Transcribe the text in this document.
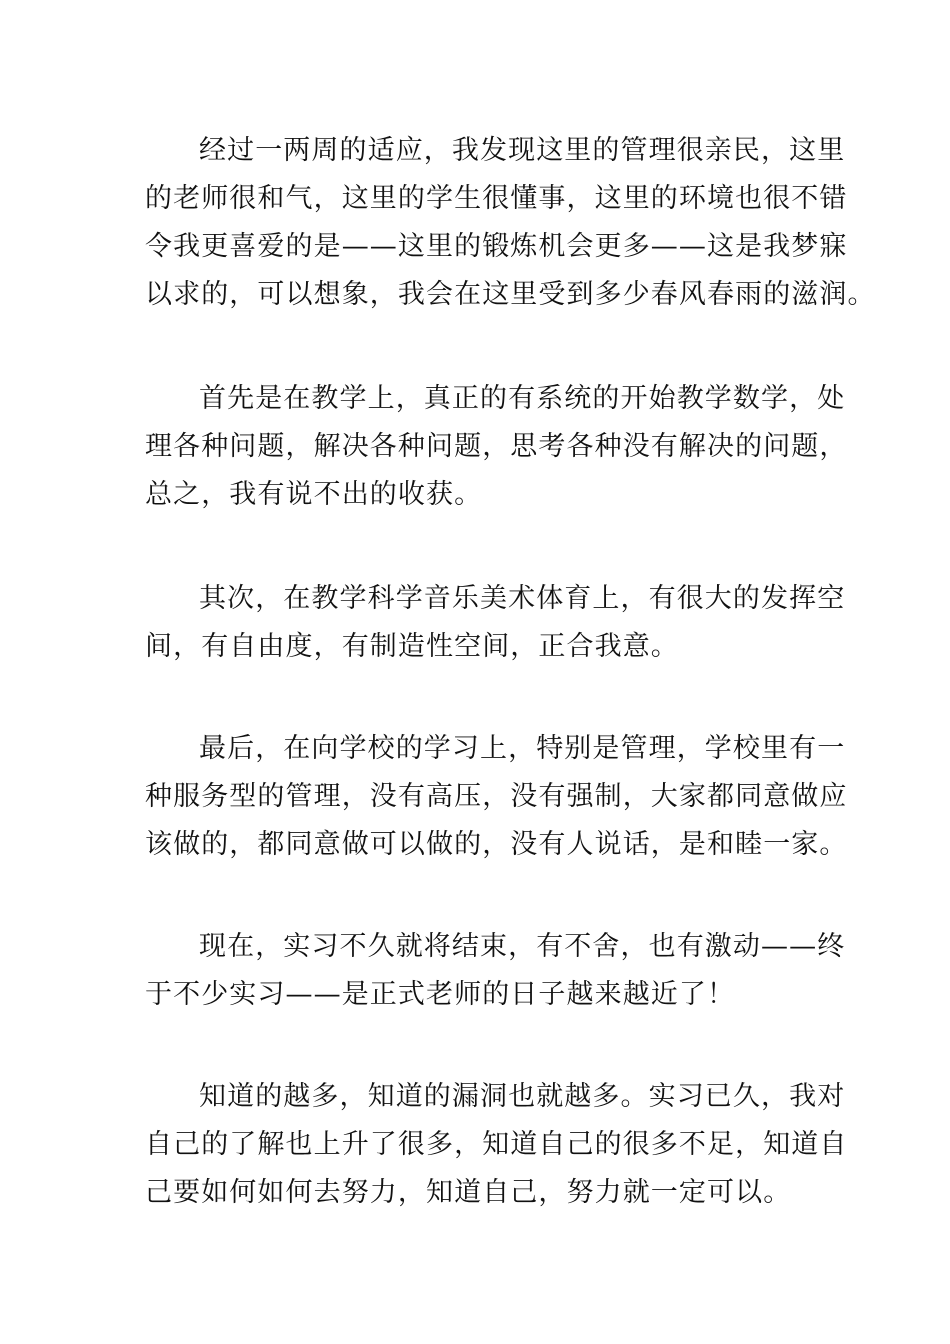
经过一两周的适应，我发现这里的管理很亲民，这里
的老师很和气，这里的学生很懂事，这里的环境也很不错
令我更喜爱的是——这里的锻炼机会更多——这是我梦寐
以求的，可以想象，我会在这里受到多少春风春雨的滋润。
首先是在教学上，真正的有系统的开始教学数学，处
理各种问题，解决各种问题，思考各种没有解决的问题，
总之，我有说不出的收获。
其次，在教学科学音乐美术体育上，有很大的发挥空
间，有自由度，有制造性空间，正合我意。
最后，在向学校的学习上，特别是管理，学校里有一
种服务型的管理，没有高压，没有强制，大家都同意做应
该做的，都同意做可以做的，没有人说话，是和睦一家。
现在，实习不久就将结束，有不舍，也有激动——终
于不少实习——是正式老师的日子越来越近了！
知道的越多，知道的漏洞也就越多。实习已久，我对
自己的了解也上升了很多，知道自己的很多不足，知道自
己要如何如何去努力，知道自己，努力就一定可以。
